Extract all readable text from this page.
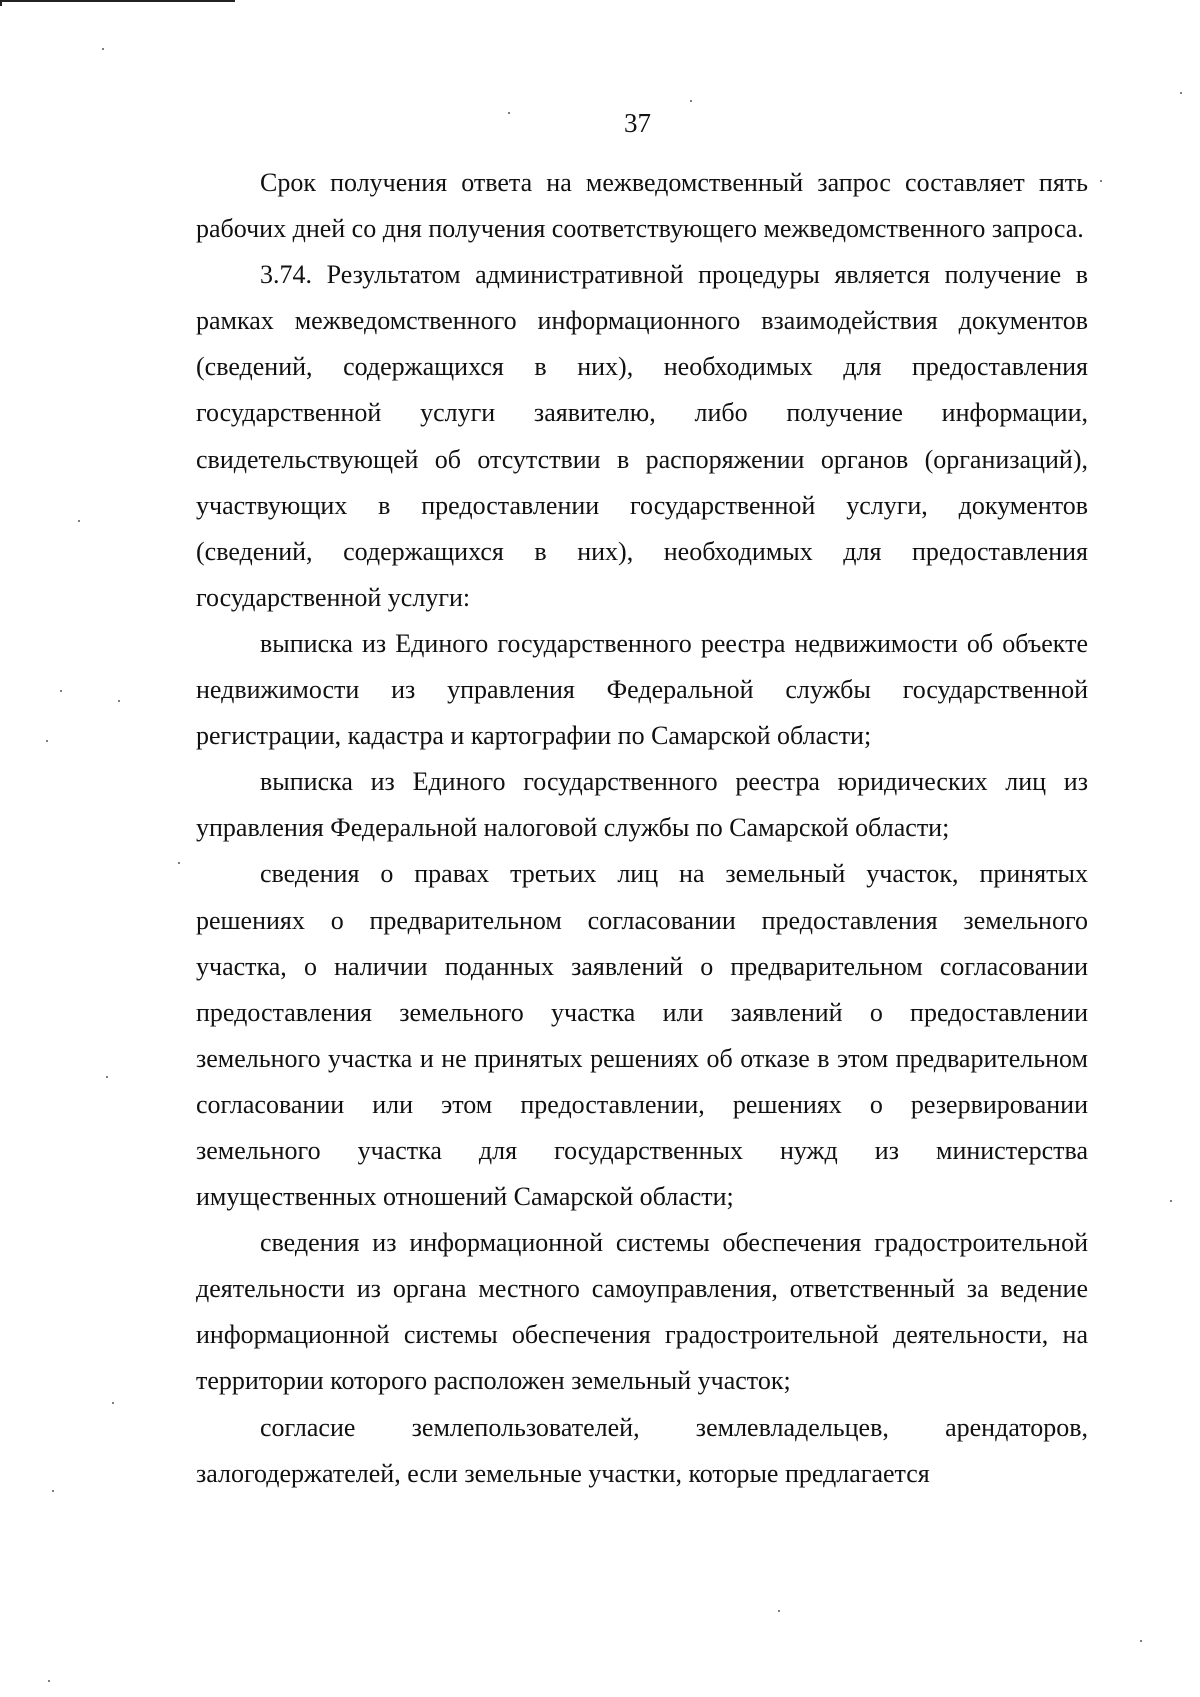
37

Срок получения ответа на межведомственный запрос составляет пять рабочих дней со дня получения соответствующего межведомственного запроса.

3.74. Результатом административной процедуры является получение в рамках межведомственного информационного взаимодействия документов (сведений, содержащихся в них), необходимых для предоставления государственной услуги заявителю, либо получение информации, свидетельствующей об отсутствии в распоряжении органов (организаций), участвующих в предоставлении государственной услуги, документов (сведений, содержащихся в них), необходимых для предоставления государственной услуги:

выписка из Единого государственного реестра недвижимости об объекте недвижимости из управления Федеральной службы государственной регистрации, кадастра и картографии по Самарской области;

выписка из Единого государственного реестра юридических лиц из управления Федеральной налоговой службы по Самарской области;

сведения о правах третьих лиц на земельный участок, принятых решениях о предварительном согласовании предоставления земельного участка, о наличии поданных заявлений о предварительном согласовании предоставления земельного участка или заявлений о предоставлении земельного участка и не принятых решениях об отказе в этом предварительном согласовании или этом предоставлении, решениях о резервировании земельного участка для государственных нужд из министерства имущественных отношений Самарской области;

сведения из информационной системы обеспечения градостроительной деятельности из органа местного самоуправления, ответственный за ведение информационной системы обеспечения градостроительной деятельности, на территории которого расположен земельный участок;

согласие землепользователей, землевладельцев, арендаторов, залогодержателей, если земельные участки, которые предлагается
